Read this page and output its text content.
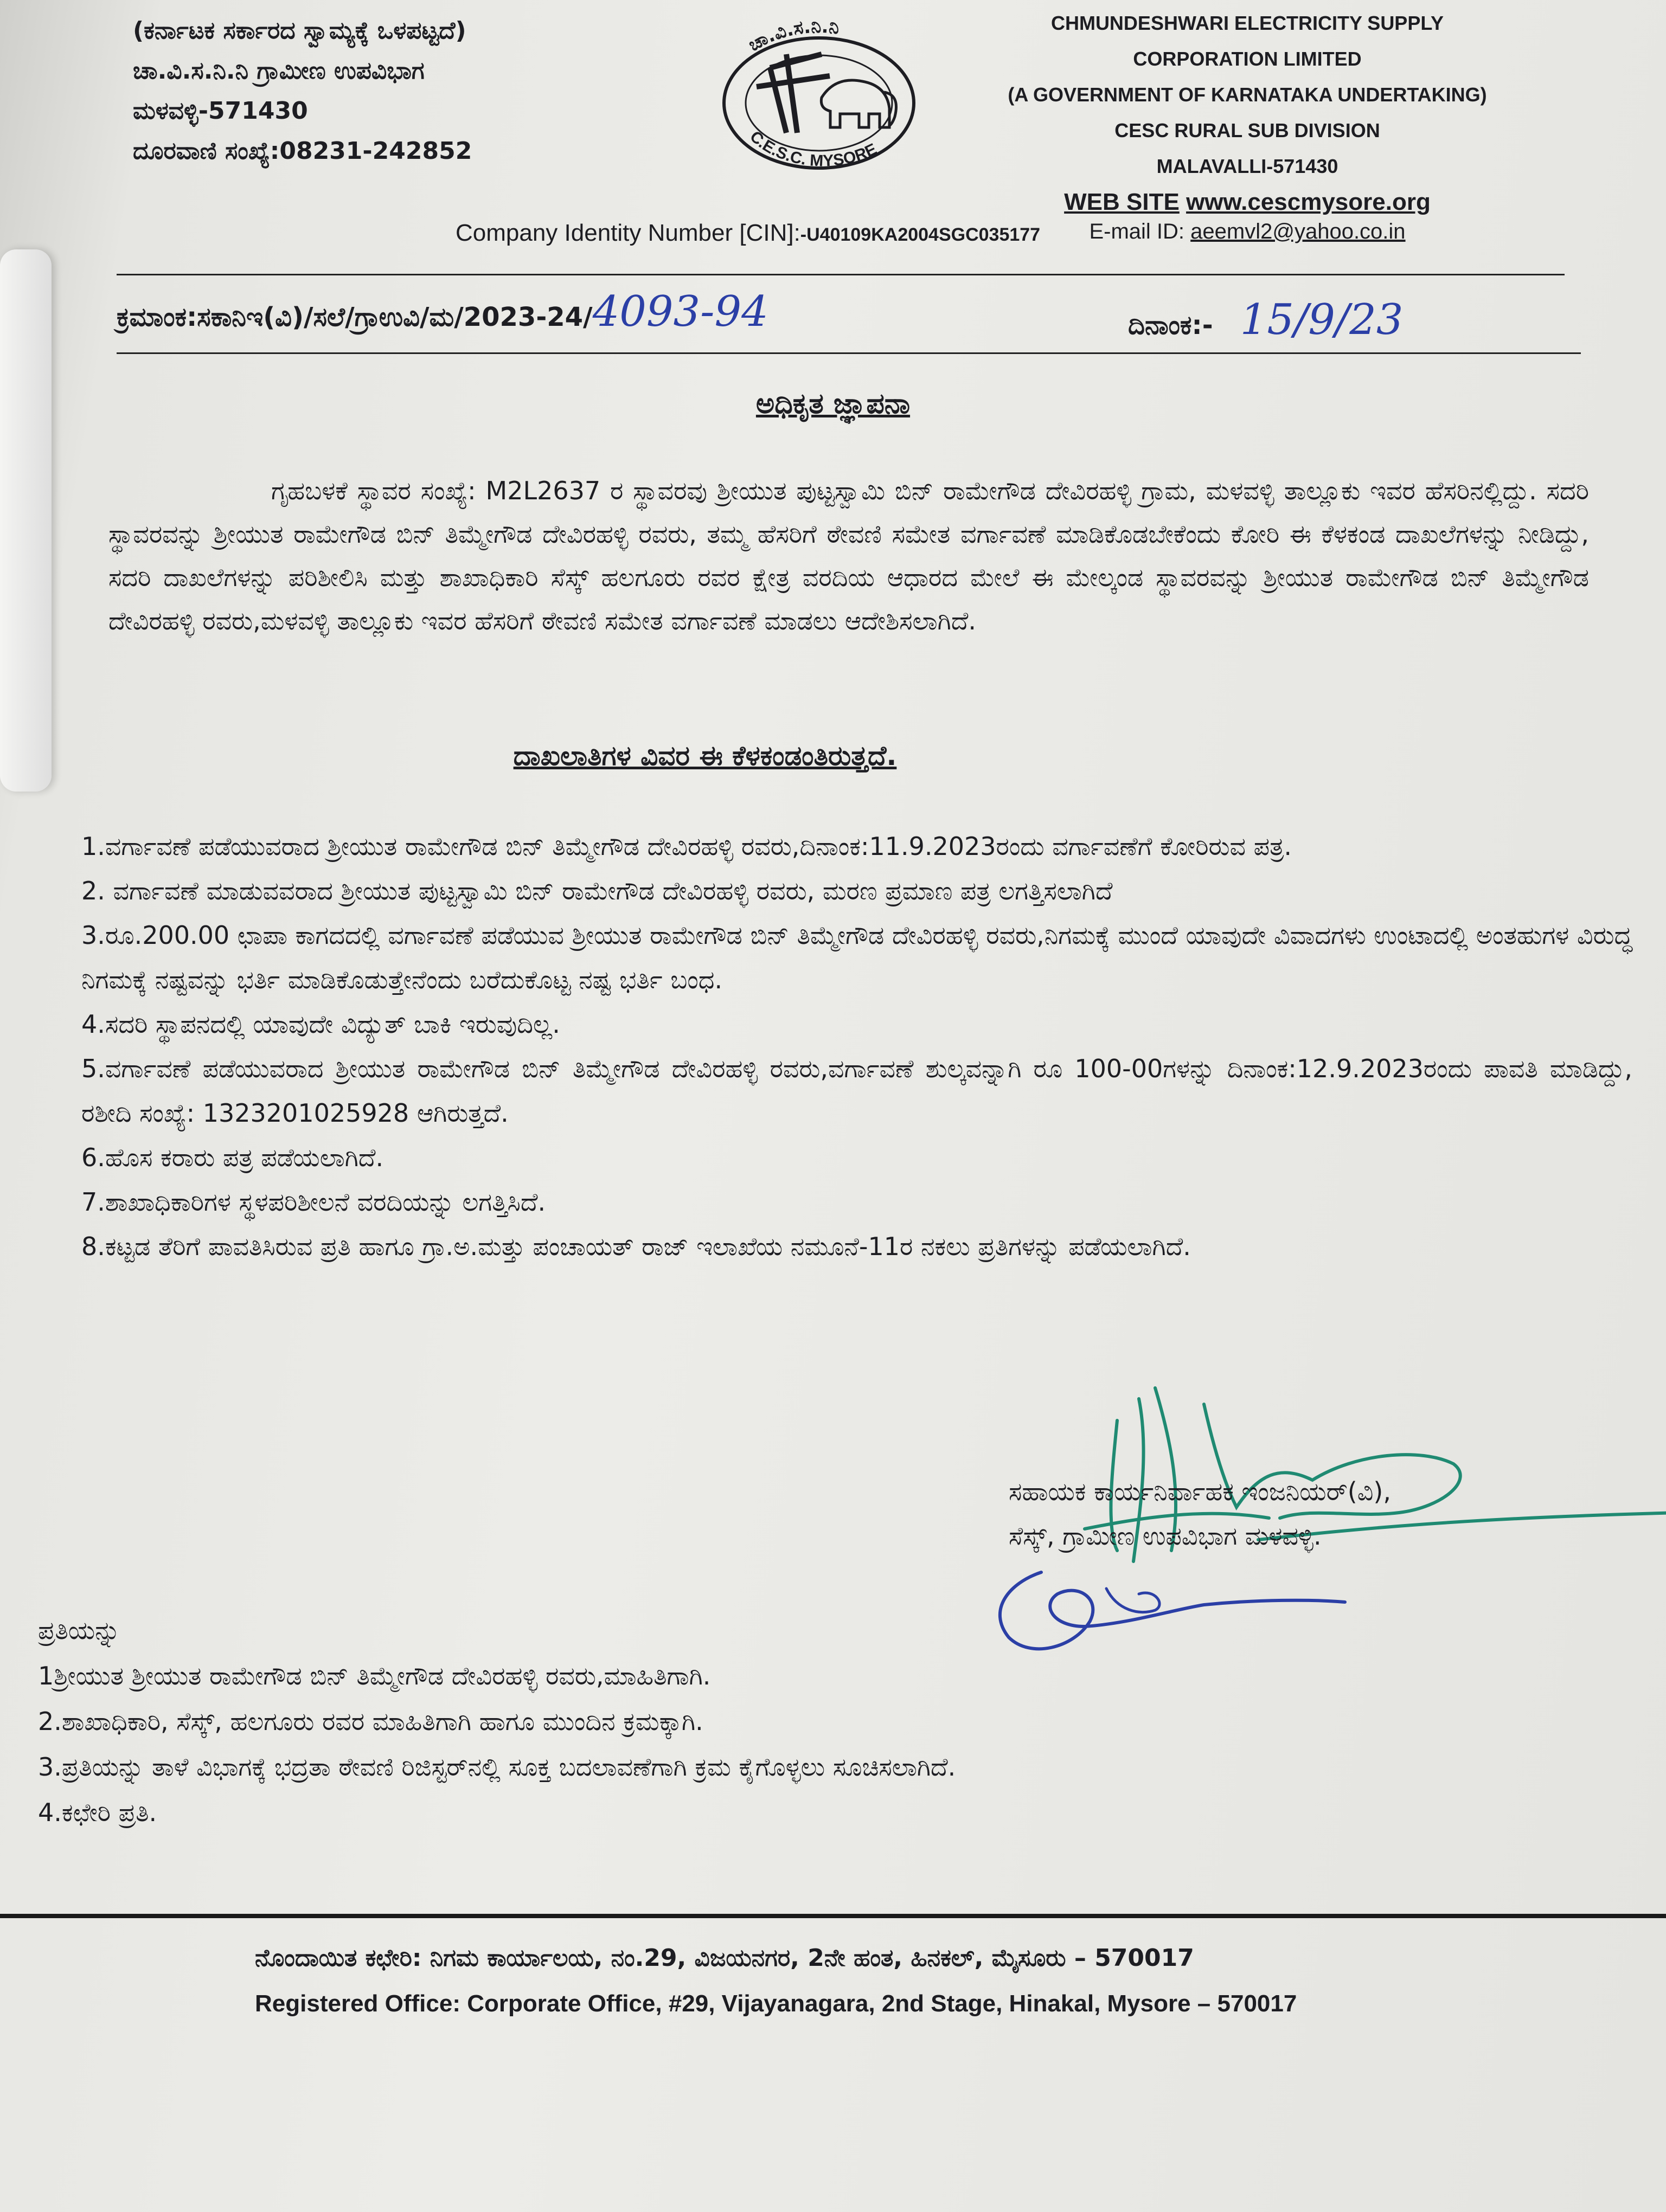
(ಕರ್ನಾಟಕ ಸರ್ಕಾರದ ಸ್ವಾಮ್ಯಕ್ಕೆ ಒಳಪಟ್ಟದೆ)
ಚಾ.ವಿ.ಸ.ನಿ.ನಿ ಗ್ರಾಮೀಣ ಉಪವಿಭಾಗ
ಮಳವಳ್ಳಿ-571430
ದೂರವಾಣಿ ಸಂಖ್ಯೆ:08231-242852
ಚಾ.ವಿ.ಸ.ನಿ.ನಿ
C.E.S.C. MYSORE
CHMUNDESHWARI ELECTRICITY SUPPLY
CORPORATION LIMITED
(A GOVERNMENT OF KARNATAKA UNDERTAKING)
CESC RURAL SUB DIVISION
MALAVALLI-571430
WEB SITE www.cescmysore.org
E-mail ID: aeemvl2@yahoo.co.in
Company Identity Number [CIN]:-U40109KA2004SGC035177
ಕ್ರಮಾಂಕ:ಸಕಾನಿಇ(ವಿ)/ಸಲೆ/ಗ್ರಾಉವಿ/ಮ/2023-24/4093-94	ದಿನಾಂಕ:- 15/9/23
ಅಧಿಕೃತ ಜ್ಞಾಪನಾ
ಗೃಹಬಳಕೆ ಸ್ಥಾವರ ಸಂಖ್ಯೆ: M2L2637 ರ ಸ್ಥಾವರವು ಶ್ರೀಯುತ ಪುಟ್ಟಸ್ವಾಮಿ ಬಿನ್ ರಾಮೇಗೌಡ ದೇವಿರಹಳ್ಳಿ ಗ್ರಾಮ, ಮಳವಳ್ಳಿ ತಾಲ್ಲೂಕು ಇವರ ಹೆಸರಿನಲ್ಲಿದ್ದು. ಸದರಿ ಸ್ಥಾವರವನ್ನು ಶ್ರೀಯುತ ರಾಮೇಗೌಡ ಬಿನ್ ತಿಮ್ಮೇಗೌಡ ದೇವಿರಹಳ್ಳಿ ರವರು, ತಮ್ಮ ಹೆಸರಿಗೆ ಠೇವಣಿ ಸಮೇತ ವರ್ಗಾವಣೆ ಮಾಡಿಕೊಡಬೇಕೆಂದು ಕೋರಿ ಈ ಕೆಳಕಂಡ ದಾಖಲೆಗಳನ್ನು ನೀಡಿದ್ದು, ಸದರಿ ದಾಖಲೆಗಳನ್ನು ಪರಿಶೀಲಿಸಿ ಮತ್ತು ಶಾಖಾಧಿಕಾರಿ ಸೆಸ್ಕ್ ಹಲಗೂರು ರವರ ಕ್ಷೇತ್ರ ವರದಿಯ ಆಧಾರದ ಮೇಲೆ ಈ ಮೇಲ್ಕಂಡ ಸ್ಥಾವರವನ್ನು ಶ್ರೀಯುತ ರಾಮೇಗೌಡ ಬಿನ್ ತಿಮ್ಮೇಗೌಡ ದೇವಿರಹಳ್ಳಿ ರವರು,ಮಳವಳ್ಳಿ ತಾಲ್ಲೂಕು ಇವರ ಹೆಸರಿಗೆ ಠೇವಣಿ ಸಮೇತ ವರ್ಗಾವಣೆ ಮಾಡಲು ಆದೇಶಿಸಲಾಗಿದೆ.
ದಾಖಲಾತಿಗಳ ವಿವರ ಈ ಕೆಳಕಂಡಂತಿರುತ್ತದೆ.

1.ವರ್ಗಾವಣೆ ಪಡೆಯುವರಾದ ಶ್ರೀಯುತ ರಾಮೇಗೌಡ ಬಿನ್ ತಿಮ್ಮೇಗೌಡ ದೇವಿರಹಳ್ಳಿ ರವರು,ದಿನಾಂಕ:11.9.2023ರಂದು ವರ್ಗಾವಣೆಗೆ ಕೋರಿರುವ ಪತ್ರ.

2. ವರ್ಗಾವಣೆ ಮಾಡುವವರಾದ ಶ್ರೀಯುತ ಪುಟ್ಟಸ್ವಾಮಿ ಬಿನ್ ರಾಮೇಗೌಡ ದೇವಿರಹಳ್ಳಿ ರವರು, ಮರಣ ಪ್ರಮಾಣ ಪತ್ರ ಲಗತ್ತಿಸಲಾಗಿದೆ

3.ರೂ.200.00 ಛಾಪಾ ಕಾಗದದಲ್ಲಿ ವರ್ಗಾವಣೆ ಪಡೆಯುವ ಶ್ರೀಯುತ ರಾಮೇಗೌಡ ಬಿನ್ ತಿಮ್ಮೇಗೌಡ ದೇವಿರಹಳ್ಳಿ ರವರು,ನಿಗಮಕ್ಕೆ ಮುಂದೆ ಯಾವುದೇ ವಿವಾದಗಳು ಉಂಟಾದಲ್ಲಿ ಅಂತಹುಗಳ ವಿರುದ್ಧ ನಿಗಮಕ್ಕೆ ನಷ್ಟವನ್ನು ಭರ್ತಿ ಮಾಡಿಕೊಡುತ್ತೇನೆಂದು ಬರೆದುಕೊಟ್ಟ ನಷ್ಟ ಭರ್ತಿ ಬಂಧ.

4.ಸದರಿ ಸ್ಥಾಪನದಲ್ಲಿ ಯಾವುದೇ ವಿದ್ಯುತ್ ಬಾಕಿ ಇರುವುದಿಲ್ಲ.

5.ವರ್ಗಾವಣೆ ಪಡೆಯುವರಾದ ಶ್ರೀಯುತ ರಾಮೇಗೌಡ ಬಿನ್ ತಿಮ್ಮೇಗೌಡ ದೇವಿರಹಳ್ಳಿ ರವರು,ವರ್ಗಾವಣೆ ಶುಲ್ಕವನ್ನಾಗಿ ರೂ 100-00ಗಳನ್ನು ದಿನಾಂಕ:12.9.2023ರಂದು ಪಾವತಿ ಮಾಡಿದ್ದು, ರಶೀದಿ ಸಂಖ್ಯೆ: 1323201025928 ಆಗಿರುತ್ತದೆ.

6.ಹೊಸ ಕರಾರು ಪತ್ರ ಪಡೆಯಲಾಗಿದೆ.

7.ಶಾಖಾಧಿಕಾರಿಗಳ ಸ್ಥಳಪರಿಶೀಲನೆ ವರದಿಯನ್ನು ಲಗತ್ತಿಸಿದೆ.

8.ಕಟ್ಟಡ ತೆರಿಗೆ ಪಾವತಿಸಿರುವ ಪ್ರತಿ ಹಾಗೂ ಗ್ರಾ.ಅ.ಮತ್ತು ಪಂಚಾಯತ್ ರಾಜ್ ಇಲಾಖೆಯ ನಮೂನೆ-11ರ ನಕಲು ಪ್ರತಿಗಳನ್ನು ಪಡೆಯಲಾಗಿದೆ.

ಸಹಾಯಕ ಕಾರ್ಯನಿರ್ವಾಹಕ ಇಂಜನಿಯರ್(ವಿ),
ಸೆಸ್ಕ್, ಗ್ರಾಮೀಣ ಉಪವಿಭಾಗ ಮಳವಳ್ಳಿ.

ಪ್ರತಿಯನ್ನು

1ಶ್ರೀಯುತ ಶ್ರೀಯುತ ರಾಮೇಗೌಡ ಬಿನ್ ತಿಮ್ಮೇಗೌಡ ದೇವಿರಹಳ್ಳಿ ರವರು,ಮಾಹಿತಿಗಾಗಿ.

2.ಶಾಖಾಧಿಕಾರಿ, ಸೆಸ್ಕ್, ಹಲಗೂರು ರವರ ಮಾಹಿತಿಗಾಗಿ ಹಾಗೂ ಮುಂದಿನ ಕ್ರಮಕ್ಕಾಗಿ.

3.ಪ್ರತಿಯನ್ನು ತಾಳೆ ವಿಭಾಗಕ್ಕೆ ಭದ್ರತಾ ಠೇವಣಿ ರಿಜಿಸ್ಟರ್‌ನಲ್ಲಿ ಸೂಕ್ತ ಬದಲಾವಣೆಗಾಗಿ ಕ್ರಮ ಕೈಗೊಳ್ಳಲು ಸೂಚಿಸಲಾಗಿದೆ.

4.ಕಛೇರಿ ಪ್ರತಿ.

ನೊಂದಾಯಿತ ಕಛೇರಿ: ನಿಗಮ ಕಾರ್ಯಾಲಯ, ನಂ.29, ವಿಜಯನಗರ, 2ನೇ ಹಂತ, ಹಿನಕಲ್, ಮೈಸೂರು – 570017
Registered Office: Corporate Office, #29, Vijayanagara, 2nd Stage, Hinakal, Mysore – 570017
